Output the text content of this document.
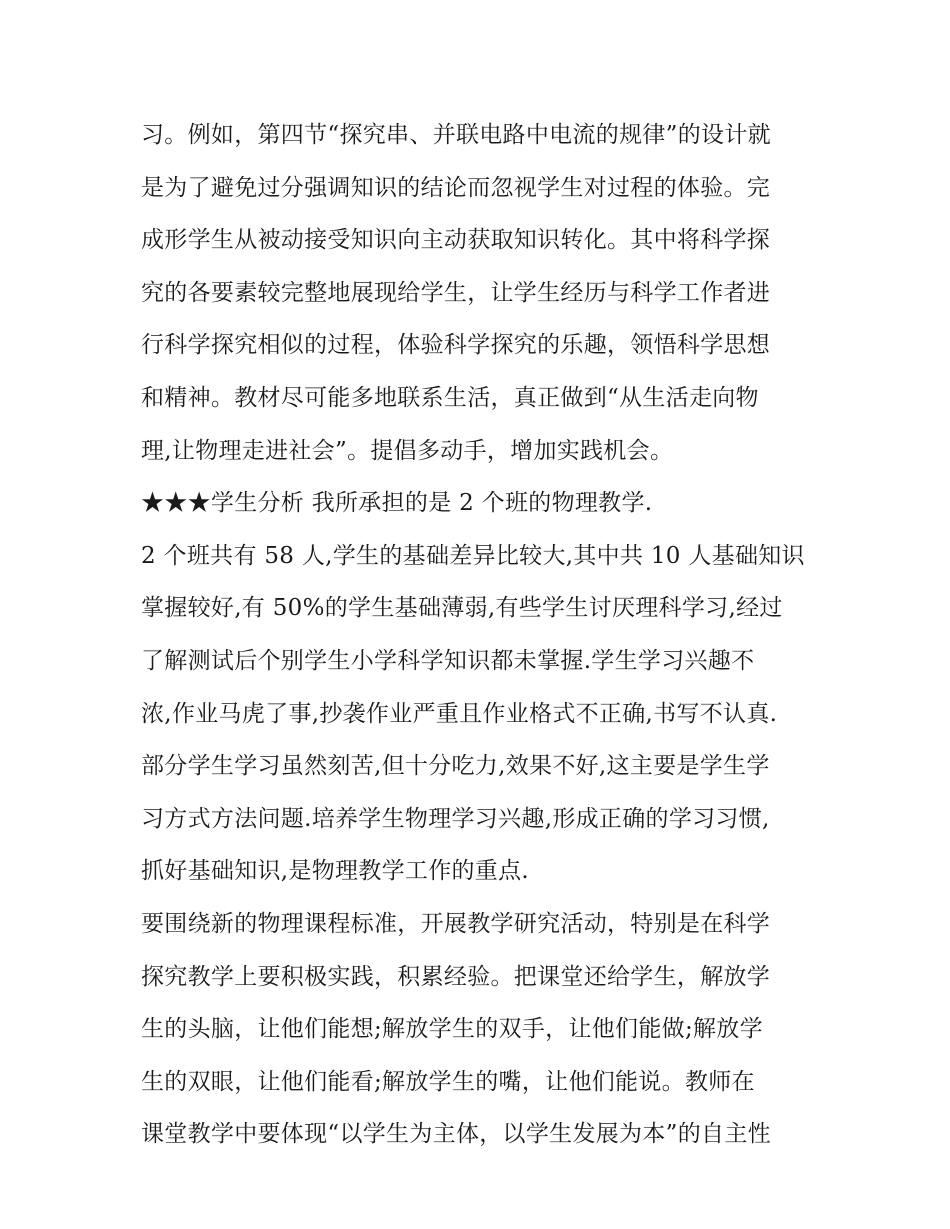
习。例如，第四节“探究串、并联电路中电流的规律”的设计就
是为了避免过分强调知识的结论而忽视学生对过程的体验。完
成形学生从被动接受知识向主动获取知识转化。其中将科学探
究的各要素较完整地展现给学生，让学生经历与科学工作者进
行科学探究相似的过程，体验科学探究的乐趣，领悟科学思想
和精神。教材尽可能多地联系生活，真正做到“从生活走向物
理,让物理走进社会”。提倡多动手，增加实践机会。
★★★学生分析 我所承担的是 2 个班的物理教学.
2 个班共有 58 人,学生的基础差异比较大,其中共 10 人基础知识
掌握较好,有 50%的学生基础薄弱,有些学生讨厌理科学习,经过
了解测试后个别学生小学科学知识都未掌握.学生学习兴趣不
浓,作业马虎了事,抄袭作业严重且作业格式不正确,书写不认真.
部分学生学习虽然刻苦,但十分吃力,效果不好,这主要是学生学
习方式方法问题.培养学生物理学习兴趣,形成正确的学习习惯,
抓好基础知识,是物理教学工作的重点.
要围绕新的物理课程标准，开展教学研究活动，特别是在科学
探究教学上要积极实践，积累经验。把课堂还给学生，解放学
生的头脑，让他们能想;解放学生的双手，让他们能做;解放学
生的双眼，让他们能看;解放学生的嘴，让他们能说。教师在
课堂教学中要体现“以学生为主体，以学生发展为本”的自主性
